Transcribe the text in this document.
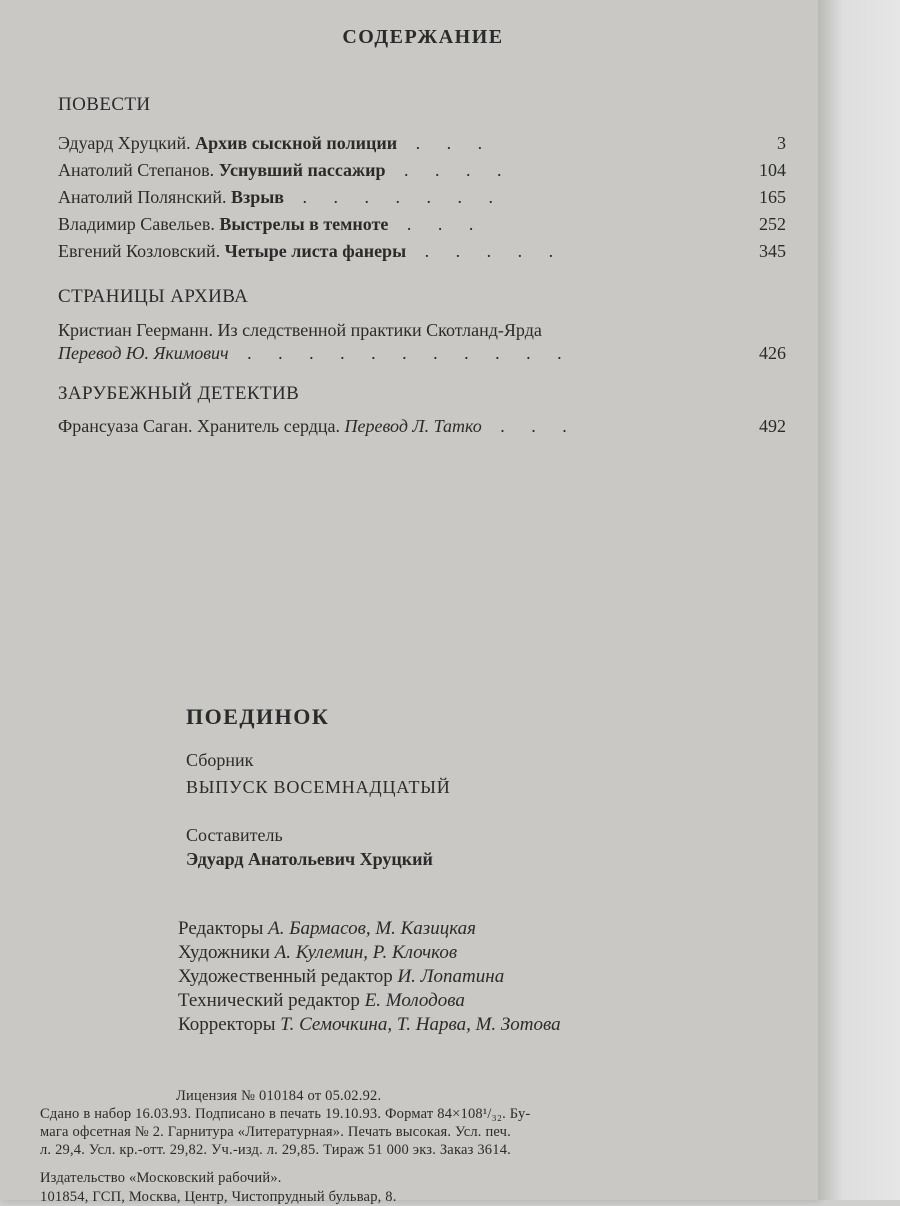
СОДЕРЖАНИЕ
ПОВЕСТИ
Эдуард Хруцкий. Архив сыскной полиции . . .	3
Анатолий Степанов. Уснувший пассажир . . . .	104
Анатолий Полянский. Взрыв . . . . . . .	165
Владимир Савельев. Выстрелы в темноте . . .	252
Евгений Козловский. Четыре листа фанеры . . . . .	345
СТРАНИЦЫ АРХИВА
Кристиан Геерманн. Из следственной практики Скотланд-Ярда
Перевод Ю. Якимович . . . . . . . . . . .	426
ЗАРУБЕЖНЫЙ ДЕТЕКТИВ
Франсуаза Саган. Хранитель сердца. Перевод Л. Татко . . .	492
ПОЕДИНОК
Сборник
ВЫПУСК ВОСЕМНАДЦАТЫЙ
Составитель
Эдуард Анатольевич Хруцкий
Редакторы А. Бармасов, М. Казицкая
Художники А. Кулемин, Р. Клочков
Художественный редактор И. Лопатина
Технический редактор Е. Молодова
Корректоры Т. Семочкина, Т. Нарва, М. Зотова
Лицензия № 010184 от 05.02.92.
Сдано в набор 16.03.93. Подписано в печать 19.10.93. Формат 84×108¹/₃₂. Бу-
мага офсетная № 2. Гарнитура «Литературная». Печать высокая. Усл. печ.
л. 29,4. Усл. кр.-отт. 29,82. Уч.-изд. л. 29,85. Тираж 51 000 экз. Заказ 3614.
Издательство «Московский рабочий».
101854, ГСП, Москва, Центр, Чистопрудный бульвар, 8.
